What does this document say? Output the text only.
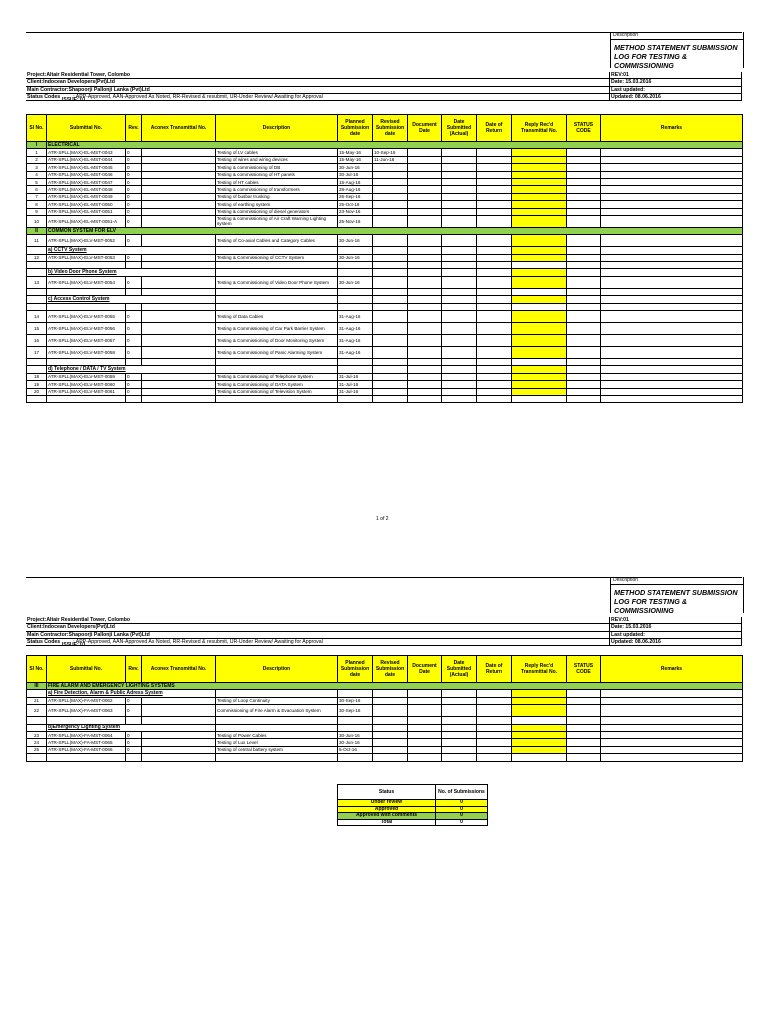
Description
METHOD STATEMENT SUBMISSION
LOG FOR TESTING & COMMISSIONING
Project:Altair Residential Tower, Colombo	REV:01
Client:Indocean Developers(Pvt)Ltd	Date: 15.03.2016
Main Contractor:Shapoorji Pallonji Lanka (Pvt)Ltd	Last updated:
Status Codes : APP-Approved, AAN-Approved As Noted, RR-Revised & resubmit, UR-Under Review/ Awaiting for Approval	Updated: 08.06.2016
ISSUE: 01
Sl No.	Submittal No.	Rev.	Aconex Transmittal No.	Description	Planned Submission date	Revised Submission date	Document Date	Date Submitted (Actual)	Date of Return	Reply Rec'd Transmittal No.	STATUS CODE	Remarks
I	ELECTRICAL											
1	ATR-SPLL(MAX)-EL-MST-0043	0		Testing of LV cables	15-May-16	10-Sep-16						
2	ATR-SPLL(MAX)-EL-MST-0044	0		Testing of wires and wiring devices	15-May-16	11-Jun-16						
3	ATR-SPLL(MAX)-EL-MST-0045	0		Testing & commissioning of DB	30-Jun-16							
4	ATR-SPLL(MAX)-EL-MST-0046	0		Testing & commissioning of HT panels	30-Jul-16							
5	ATR-SPLL(MAX)-EL-MST-0047	0		Testing of HT cables	15-Aug-16							
6	ATR-SPLL(MAX)-EL-MST-0048	0		Testing & commissioning of transformers	28-Aug-16							
7	ATR-SPLL(MAX)-EL-MST-0049	0		Testing of busbar trunking	26-Sep-16							
8	ATR-SPLL(MAX)-EL-MST-0050	0		Testing of earthing system	25-Oct-16							
9	ATR-SPLL(MAX)-EL-MST-0051	0		Testing & commissioning of diesel generators	23-Nov-16							
10	ATR-SPLL(MAX)-EL-MST-0051-A	0		Testing & commissioning of Air Craft Warning Lighting system	25-Nov-16							
II	COMMON SYSTEM FOR ELV											
11	ATR-SPLL(MAX)-ELV-MST-0052	0		Testing of Co-axial Cables and Category Cables	30-Jun-16							
	a) CCTV System											
12	ATR-SPLL(MAX)-ELV-MST-0053	0		Testing & Commissioning of CCTV System	30-Jun-16							

	b) Video Door Phone System											
13	ATR-SPLL(MAX)-ELV-MST-0054	0		Testing & Commissioning of Video Door Phone System	30-Jun-16							

	c) Access Control System											

14	ATR-SPLL(MAX)-ELV-MST-0055	0		Testing of Data Cables	31-Aug-16							
15	ATR-SPLL(MAX)-ELV-MST-0056	0		Testing & Commissioning of Car Park Barrier System	31-Aug-16							
16	ATR-SPLL(MAX)-ELV-MST-0057	0		Testing & Commissioning of Door Monitoring System	31-Aug-16							
17	ATR-SPLL(MAX)-ELV-MST-0058	0		Testing & Commissioning of Panic Alarming System	31-Aug-16							

	d) Telephone / DATA / TV System											
18	ATR-SPLL(MAX)-ELV-MST-0059	0		Testing & Commissioning of Telephone System	31-Jul-16							
19	ATR-SPLL(MAX)-ELV-MST-0060	0		Testing & Commissioning of DATA System	31-Jul-16							
20	ATR-SPLL(MAX)-ELV-MST-0061	0		Testing & Commissioning of Television System	31-Jul-16							

1 of 2
Description
METHOD STATEMENT SUBMISSION
LOG FOR TESTING & COMMISSIONING
Project:Altair Residential Tower, Colombo	REV:01
Client:Indocean Developers(Pvt)Ltd	Date: 15.03.2016
Main Contractor:Shapoorji Pallonji Lanka (Pvt)Ltd	Last updated:
Status Codes : APP-Approved, AAN-Approved As Noted, RR-Revised & resubmit, UR-Under Review/ Awaiting for Approval	Updated: 08.06.2016
ISSUE: 01
Sl No.	Submittal No.	Rev.	Aconex Transmittal No.	Description	Planned Submission date	Revised Submission date	Document Date	Date Submitted (Actual)	Date of Return	Reply Rec'd Transmittal No.	STATUS CODE	Remarks
III	FIRE ALARM AND EMERGENCY LIGHTING SYSTEMS											
	a) Fire Detection, Alarm & Public Adress System											
21	ATR-SPLL(MAX)-FA-MST-0062	0		Testing of Loop Continuity	30-Sep-16							
22	ATR-SPLL(MAX)-FA-MST-0063	0		Commissioning of Fire Alarm & Evacuation System	30-Sep-16							

	b)Emergency Lighting System											
23	ATR-SPLL(MAX)-FA-MST-0064	0		Testing of Power Cables	30-Jun-16							
24	ATR-SPLL(MAX)-FA-MST-0065	0		Testing of Lux Level	30-Jun-16							
25	ATR-SPLL(MAX)-FA-MST-0066	0		Testing of central battery system	5-Oct-16							

Status	No. of Submissions
Under review	0
Approved	0
Approved with comments	0
Total	0
